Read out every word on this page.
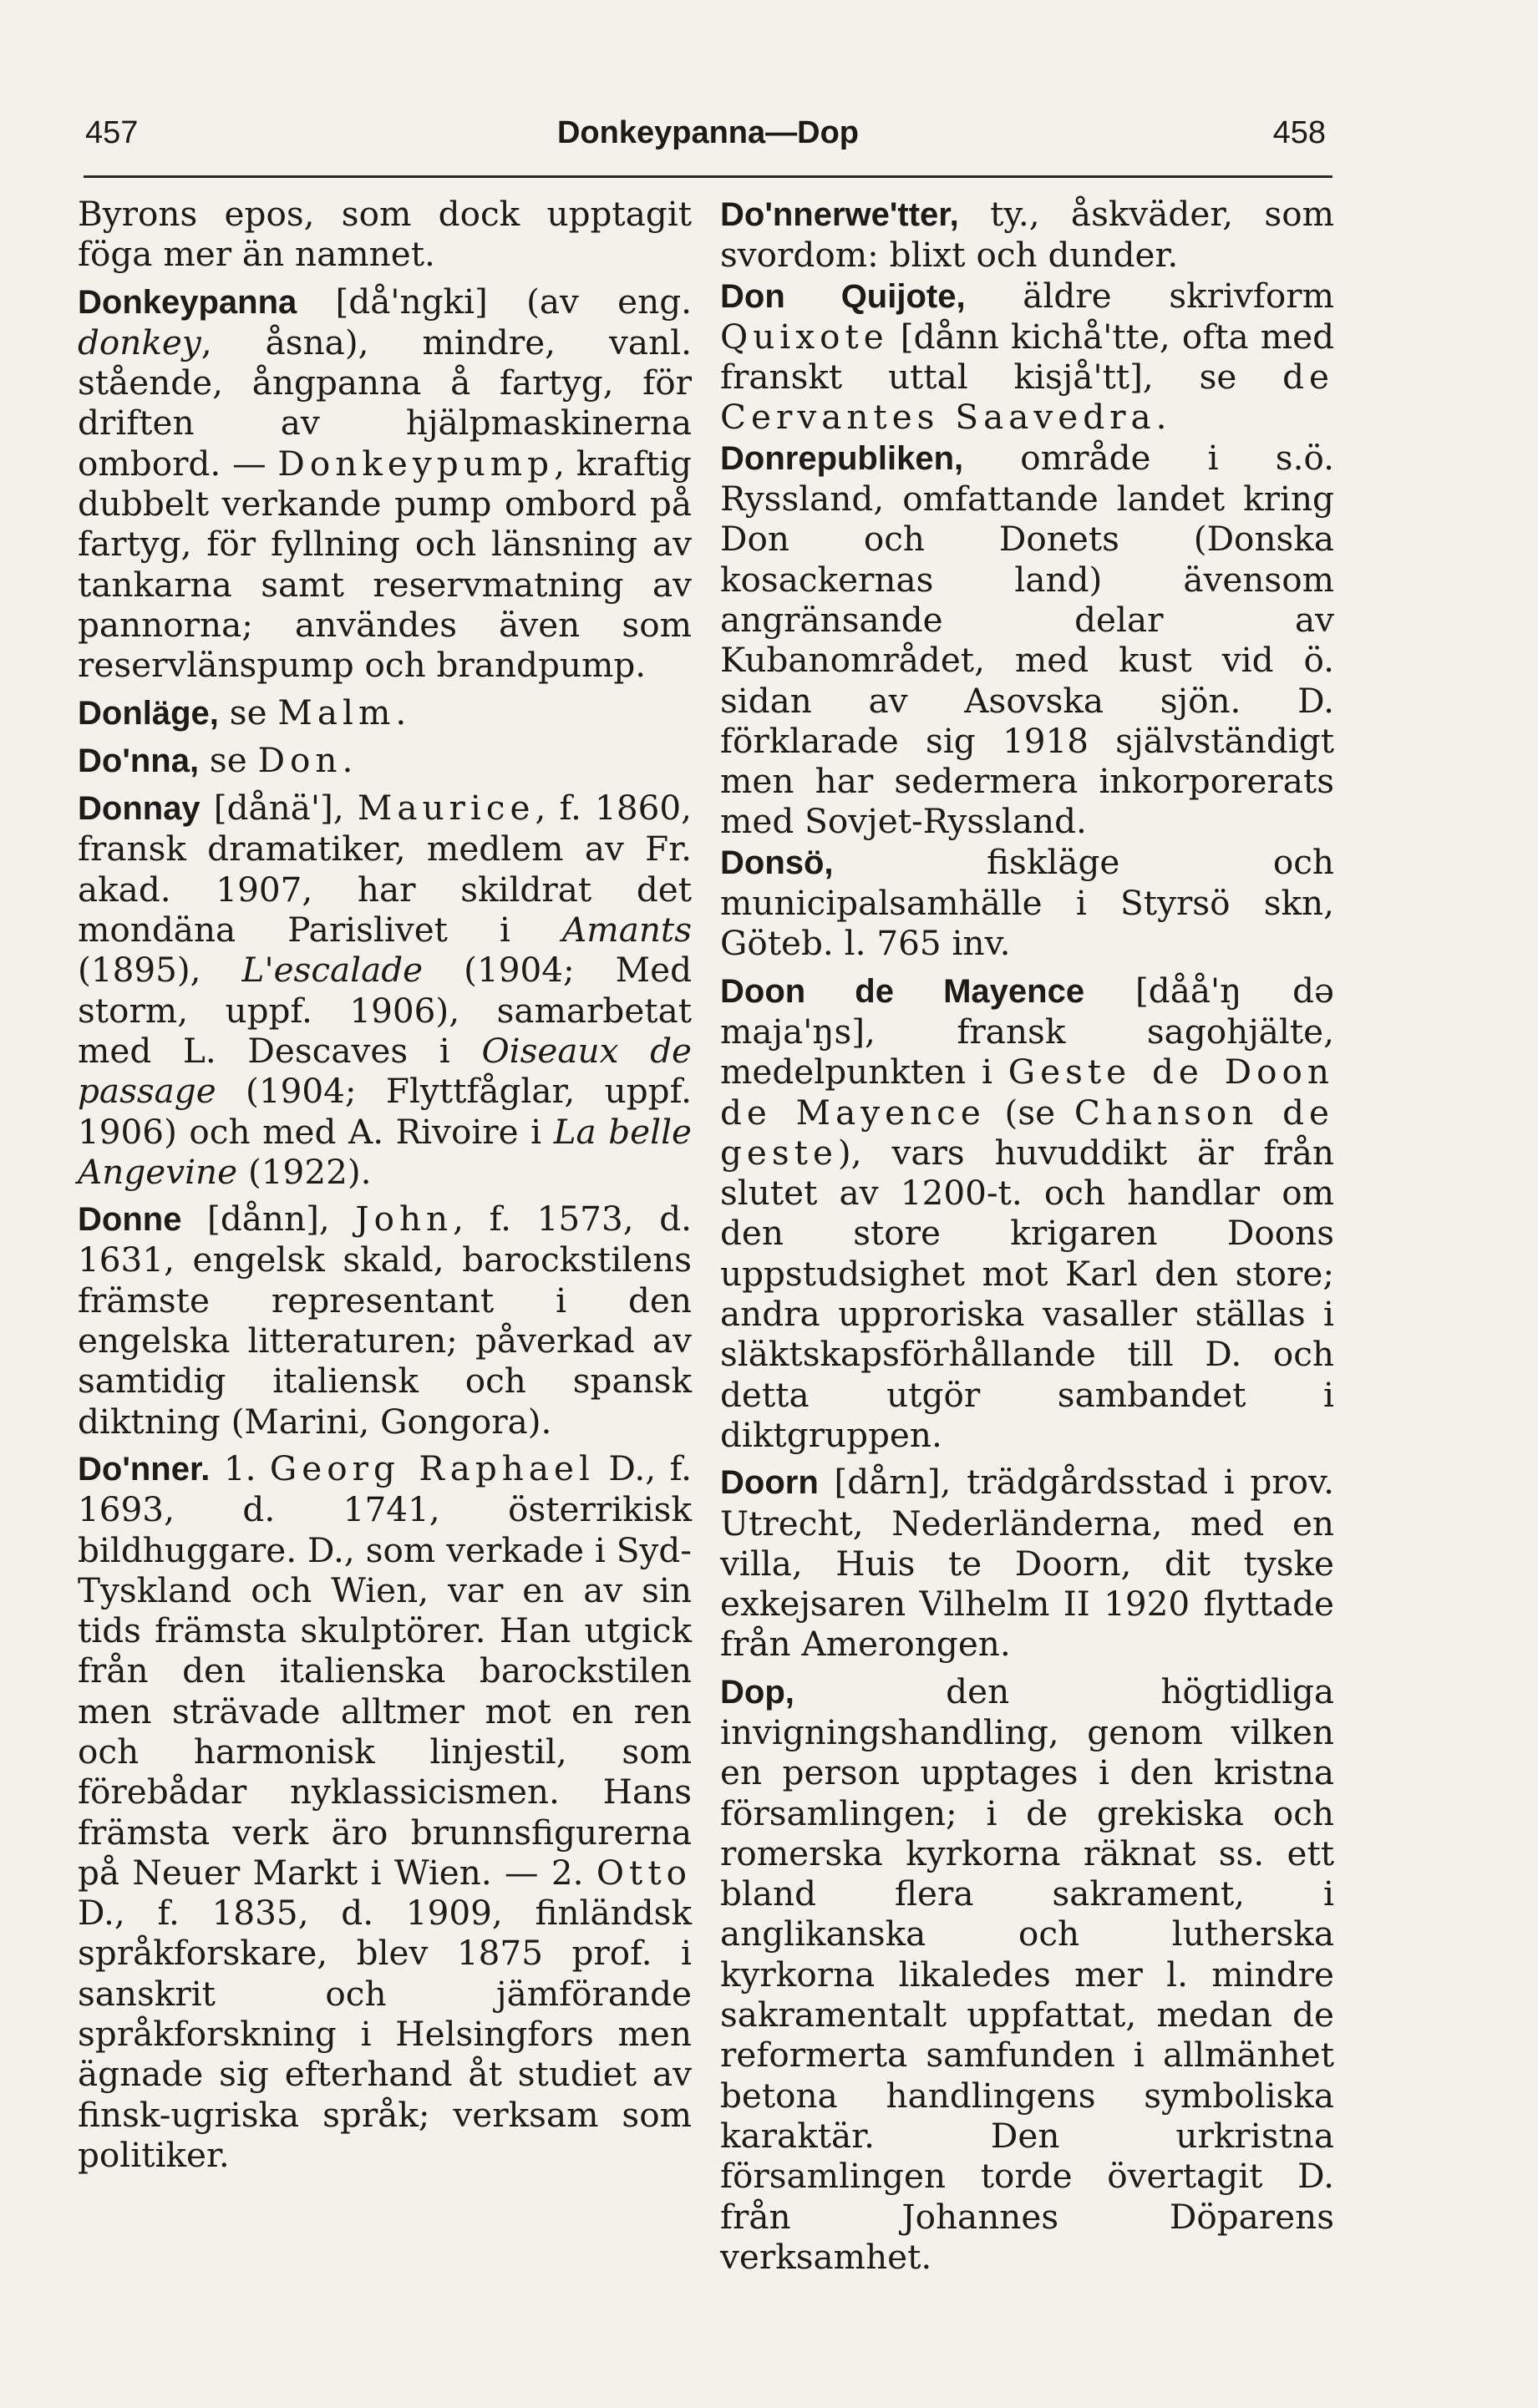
457	Donkeypanna—Dop	458

Byrons epos, som dock upptagit föga mer än namnet.

Donkeypanna [då'ngki] (av eng. donkey, åsna), mindre, vanl. stående, ångpanna å fartyg, för driften av hjälpmaskinerna ombord. — Donkeypump, kraftig dubbelt verkande pump ombord på fartyg, för fyllning och länsning av tankarna samt reservmatning av pannorna; användes även som reservlänspump och brandpump.

Donläge, se Malm.

Do'nna, se Don.

Donnay [dånä'], Maurice, f. 1860, fransk dramatiker, medlem av Fr. akad. 1907, har skildrat det mondäna Parislivet i Amants (1895), L'escalade (1904; Med storm, uppf. 1906), samarbetat med L. Descaves i Oiseaux de passage (1904; Flyttfåglar, uppf. 1906) och med A. Rivoire i La belle Angevine (1922).

Donne [dånn], John, f. 1573, d. 1631, engelsk skald, barockstilens främste representant i den engelska litteraturen; påverkad av samtidig italiensk och spansk diktning (Marini, Gongora).

Do'nner. 1. Georg Raphael D., f. 1693, d. 1741, österrikisk bildhuggare. D., som verkade i Syd-Tyskland och Wien, var en av sin tids främsta skulptörer. Han utgick från den italienska barockstilen men strävade alltmer mot en ren och harmonisk linjestil, som förebådar nyklassicismen. Hans främsta verk äro brunnsfigurerna på Neuer Markt i Wien. — 2. Otto D., f. 1835, d. 1909, finländsk språkforskare, blev 1875 prof. i sanskrit och jämförande språkforskning i Helsingfors men ägnade sig efterhand åt studiet av finsk-ugriska språk; verksam som politiker.

Do'nnerwe'tter, ty., åskväder, som svordom: blixt och dunder.

Don Quijote, äldre skrivform Quixote [dånn kichå'tte, ofta med franskt uttal kisjå'tt], se de Cervantes Saavedra.

Donrepubliken, område i s.ö. Ryssland, omfattande landet kring Don och Donets (Donska kosackernas land) ävensom angränsande delar av Kubanområdet, med kust vid ö. sidan av Asovska sjön. D. förklarade sig 1918 självständigt men har sedermera inkorporerats med Sovjet-Ryssland.

Donsö, fiskläge och municipalsamhälle i Styrsö skn, Göteb. l. 765 inv.

Doon de Mayence [dåå'ŋ də maja'ŋs], fransk sagohjälte, medelpunkten i Geste de Doon de Mayence (se Chanson de geste), vars huvuddikt är från slutet av 1200-t. och handlar om den store krigaren Doons uppstudsighet mot Karl den store; andra upproriska vasaller ställas i släktskapsförhållande till D. och detta utgör sambandet i diktgruppen.

Doorn [dårn], trädgårdsstad i prov. Utrecht, Nederländerna, med en villa, Huis te Doorn, dit tyske exkejsaren Vilhelm II 1920 flyttade från Amerongen.

Dop, den högtidliga invigningshandling, genom vilken en person upptages i den kristna församlingen; i de grekiska och romerska kyrkorna räknat ss. ett bland flera sakrament, i anglikanska och lutherska kyrkorna likaledes mer l. mindre sakramentalt uppfattat, medan de reformerta samfunden i allmänhet betona handlingens symboliska karaktär. Den urkristna församlingen torde övertagit D. från Johannes Döparens verksamhet.
